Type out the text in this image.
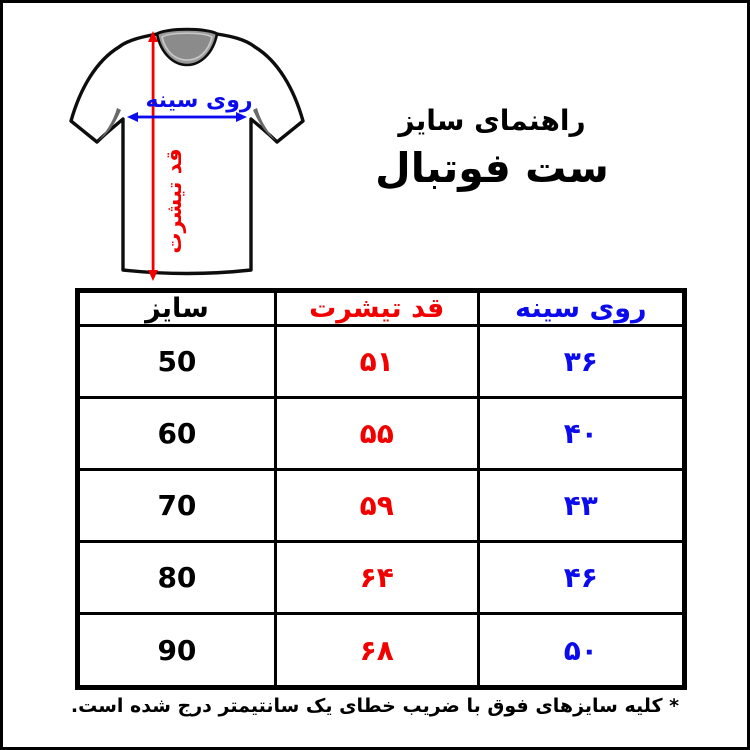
روی سینه
قد تیشرت
راهنمای سایز
ست فوتبال
روی سینه	قد تیشرت	سایز
۳۶	۵۱	50
۴۰	۵۵	60
۴۳	۵۹	70
۴۶	۶۴	80
۵۰	۶۸	90
* کلیه سایزهای فوق با ضریب خطای یک سانتیمتر درج شده است.
